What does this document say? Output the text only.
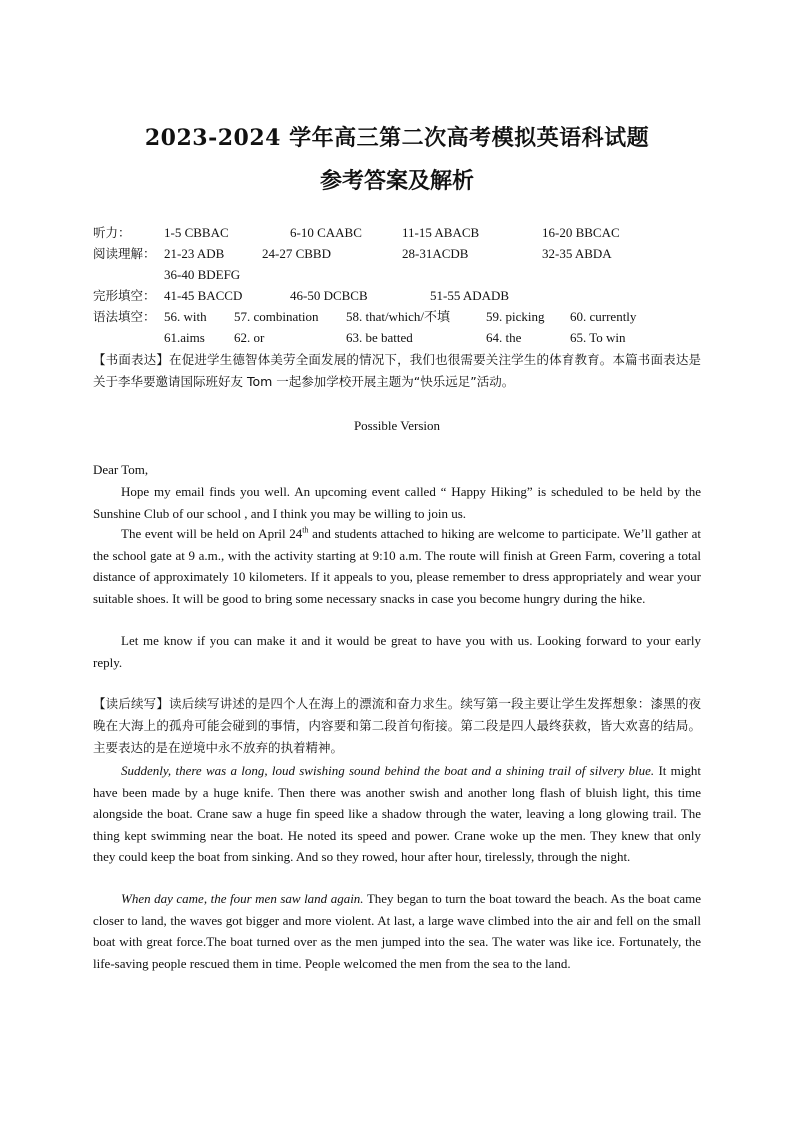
2023-2024 学年高三第二次高考模拟英语科试题
参考答案及解析
听力：	1-5 CBBAC	6-10 CAABC	11-15 ABACB	16-20 BBCAC
阅读理解： 21-23 ADB	24-27 CBBD	28-31ACDB	32-35 ABDA
36-40 BDEFG
完形填空： 41-45 BACCD	46-50 DCBCB	51-55 ADADB
语法填空： 56. with 57. combination 58. that/which/不填	59. picking 60. currently
61.aims 62. or	63. be batted	64. the	65. To win
【书面表达】在促进学生德智体美劳全面发展的情况下，我们也很需要关注学生的体育教育。本篇书面表达是关于李华要邀请国际班好友 Tom 一起参加学校开展主题为“快乐远足”活动。
Possible Version
Dear Tom,
Hope my email finds you well. An upcoming event called “ Happy Hiking” is scheduled to be held by the Sunshine Club of our school , and I think you may be willing to join us.
The event will be held on April 24th and students attached to hiking are welcome to participate. We’ll gather at the school gate at 9 a.m., with the activity starting at 9:10 a.m. The route will finish at Green Farm, covering a total distance of approximately 10 kilometers. If it appeals to you, please remember to dress appropriately and wear your suitable shoes. It will be good to bring some necessary snacks in case you become hungry during the hike.
Let me know if you can make it and it would be great to have you with us. Looking forward to your early reply.
【读后续写】读后续写讲述的是四个人在海上的漂流和奋力求生。续写第一段主要让学生发挥想象：漆黑的夜晚在大海上的孤舟可能会碰到的事情，内容要和第二段首句衔接。第二段是四人最终获救，皆大欢喜的结局。主要表达的是在逆境中永不放弃的执着精神。
Suddenly, there was a long, loud swishing sound behind the boat and a shining trail of silvery blue. It might have been made by a huge knife. Then there was another swish and another long flash of bluish light, this time alongside the boat. Crane saw a huge fin speed like a shadow through the water, leaving a long glowing trail. The thing kept swimming near the boat. He noted its speed and power. Crane woke up the men. They knew that only they could keep the boat from sinking. And so they rowed, hour after hour, tirelessly, through the night.
When day came, the four men saw land again. They began to turn the boat toward the beach. As the boat came closer to land, the waves got bigger and more violent. At last, a large wave climbed into the air and fell on the small boat with great force.The boat turned over as the men jumped into the sea. The water was like ice. Fortunately, the life-saving people rescued them in time. People welcomed the men from the sea to the land.
